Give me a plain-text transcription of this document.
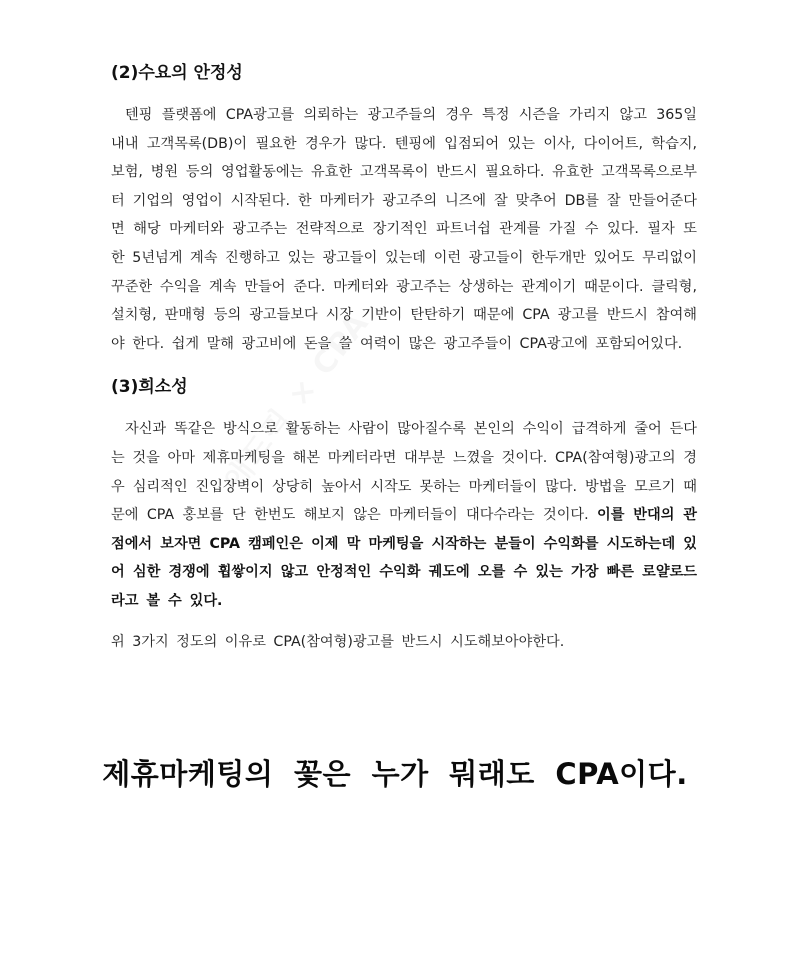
(2)수요의 안정성

텐핑 플랫폼에 CPA광고를 의뢰하는 광고주들의 경우 특정 시즌을 가리지 않고 365일 내내 고객목록(DB)이 필요한 경우가 많다. 텐핑에 입점되어 있는 이사, 다이어트, 학습지, 보험, 병원 등의 영업활동에는 유효한 고객목록이 반드시 필요하다. 유효한 고객목록으로부터 기업의 영업이 시작된다. 한 마케터가 광고주의 니즈에 잘 맞추어 DB를 잘 만들어준다면 해당 마케터와 광고주는 전략적으로 장기적인 파트너쉽 관계를 가질 수 있다. 필자 또한 5년넘게 계속 진행하고 있는 광고들이 있는데 이런 광고들이 한두개만 있어도 무리없이 꾸준한 수익을 계속 만들어 준다. 마케터와 광고주는 상생하는 관계이기 때문이다. 클릭형, 설치형, 판매형 등의 광고들보다 시장 기반이 탄탄하기 때문에 CPA 광고를 반드시 참여해야 한다. 쉽게 말해 광고비에 돈을 쓸 여력이 많은 광고주들이 CPA광고에 포함되어있다.

(3)희소성

자신과 똑같은 방식으로 활동하는 사람이 많아질수록 본인의 수익이 급격하게 줄어 든다는 것을 아마 제휴마케팅을 해본 마케터라면 대부분 느꼈을 것이다. CPA(참여형)광고의 경우 심리적인 진입장벽이 상당히 높아서 시작도 못하는 마케터들이 많다. 방법을 모르기 때문에 CPA 홍보를 단 한번도 해보지 않은 마케터들이 대다수라는 것이다. 이를 반대의 관점에서 보자면 CPA 캠페인은 이제 막 마케팅을 시작하는 분들이 수익화를 시도하는데 있어 심한 경쟁에 휩쌓이지 않고 안정적인 수익화 궤도에 오를 수 있는 가장 빠른 로얄로드라고 볼 수 있다.

위 3가지 정도의 이유로 CPA(참여형)광고를 반드시 시도해보아야한다.

제휴마케팅의 꽃은 누가 뭐래도 CPA이다.
